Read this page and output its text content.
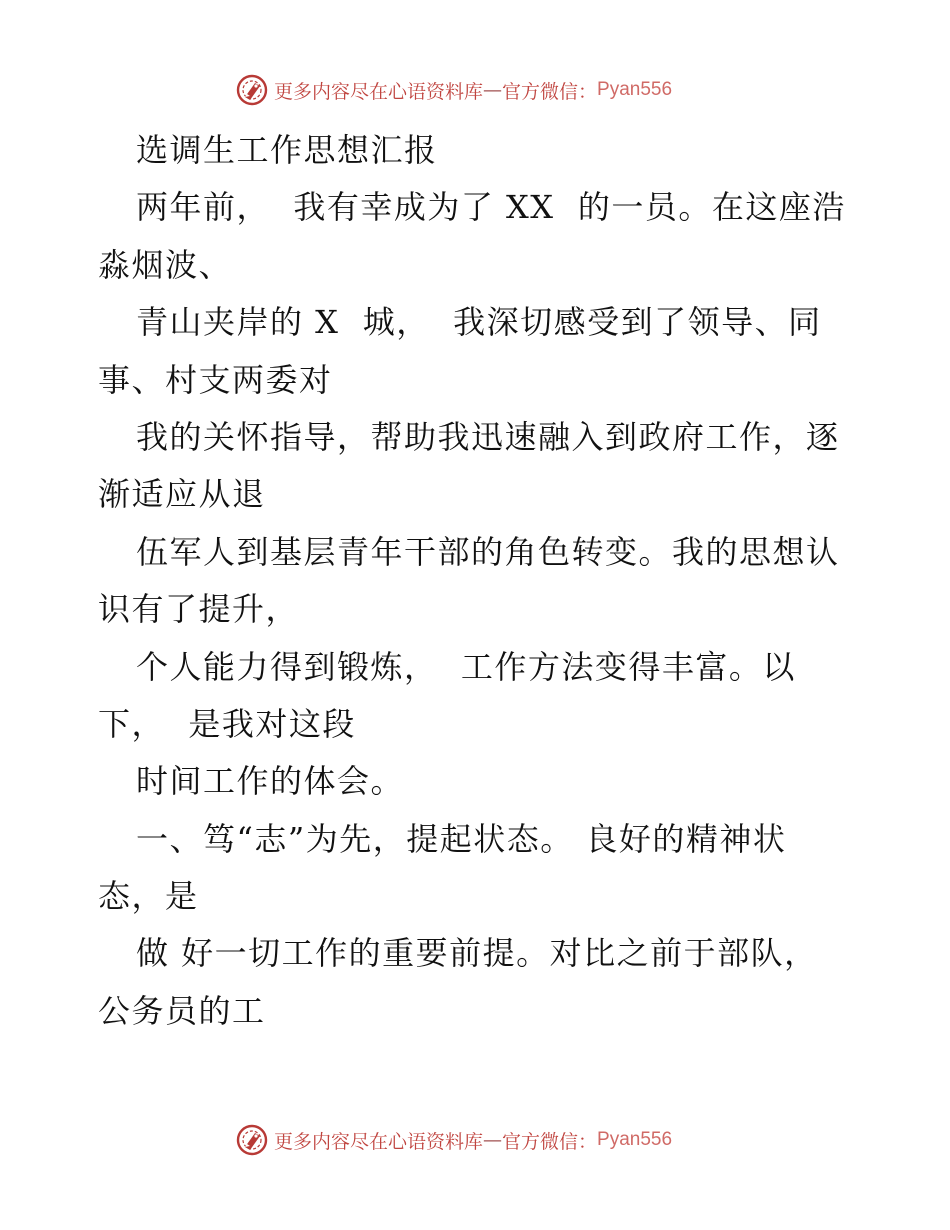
更多内容尽在心语资料库 — 官方微信： Pyan556
选调生工作思想汇报
两年前，  我有幸成为了 XX  的一员。在这座浩
淼烟波、
青山夹岸的 X  城，  我深切感受到了领导、同
事、村支两委对
我的关怀指导，帮助我迅速融入到政府工作，逐
渐适应从退
伍军人到基层青年干部的角色转变。我的思想认
识有了提升，
个人能力得到锻炼，  工作方法变得丰富。以
下，  是我对这段
时间工作的体会。
一、笃“志”为先，提起状态。 良好的精神状
态，是
做 好一切工作的重要前提。对比之前于部队，
公务员的工
更多内容尽在心语资料库 — 官方微信： Pyan556
